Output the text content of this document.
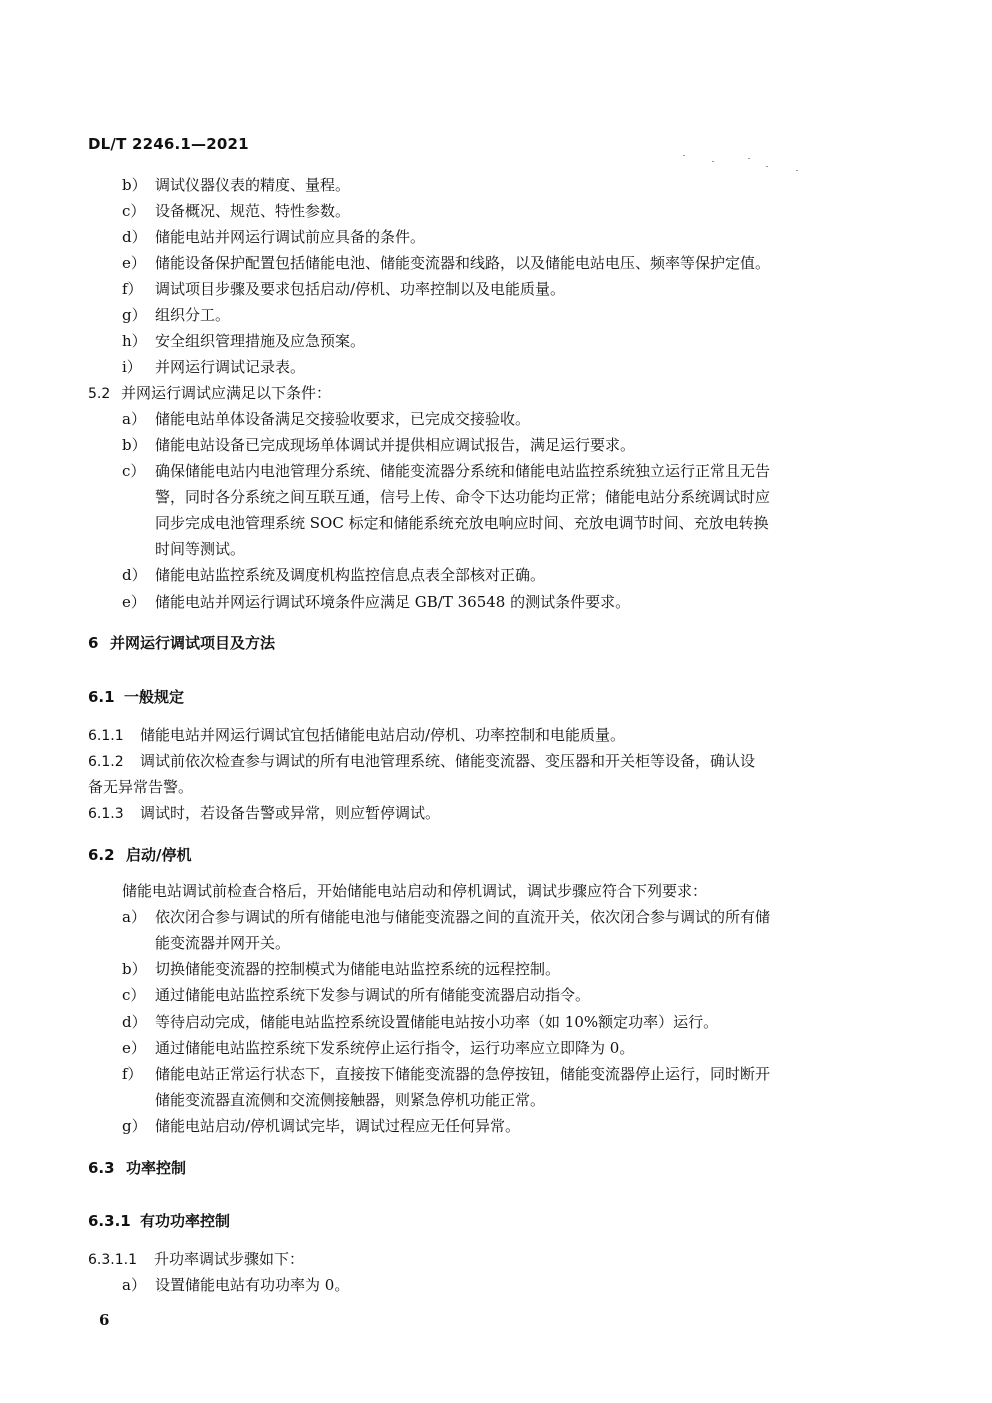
DL/T 2246.1—2021
b） 调试仪器仪表的精度、量程。
c） 设备概况、规范、特性参数。
d） 储能电站并网运行调试前应具备的条件。
e） 储能设备保护配置包括储能电池、储能变流器和线路，以及储能电站电压、频率等保护定值。
f） 调试项目步骤及要求包括启动/停机、功率控制以及电能质量。
g） 组织分工。
h） 安全组织管理措施及应急预案。
i） 并网运行调试记录表。
5.2 并网运行调试应满足以下条件：
a） 储能电站单体设备满足交接验收要求，已完成交接验收。
b） 储能电站设备已完成现场单体调试并提供相应调试报告，满足运行要求。
c） 确保储能电站内电池管理分系统、储能变流器分系统和储能电站监控系统独立运行正常且无告
警，同时各分系统之间互联互通，信号上传、命令下达功能均正常；储能电站分系统调试时应
同步完成电池管理系统 SOC 标定和储能系统充放电响应时间、充放电调节时间、充放电转换
时间等测试。
d） 储能电站监控系统及调度机构监控信息点表全部核对正确。
e） 储能电站并网运行调试环境条件应满足 GB/T 36548 的测试条件要求。
6 并网运行调试项目及方法
6.1 一般规定
6.1.1 储能电站并网运行调试宜包括储能电站启动/停机、功率控制和电能质量。
6.1.2 调试前依次检查参与调试的所有电池管理系统、储能变流器、变压器和开关柜等设备，确认设
备无异常告警。
6.1.3 调试时，若设备告警或异常，则应暂停调试。
6.2 启动/停机
储能电站调试前检查合格后，开始储能电站启动和停机调试，调试步骤应符合下列要求：
a） 依次闭合参与调试的所有储能电池与储能变流器之间的直流开关，依次闭合参与调试的所有储
能变流器并网开关。
b） 切换储能变流器的控制模式为储能电站监控系统的远程控制。
c） 通过储能电站监控系统下发参与调试的所有储能变流器启动指令。
d） 等待启动完成，储能电站监控系统设置储能电站按小功率（如 10%额定功率）运行。
e） 通过储能电站监控系统下发系统停止运行指令，运行功率应立即降为 0。
f） 储能电站正常运行状态下，直接按下储能变流器的急停按钮，储能变流器停止运行，同时断开
储能变流器直流侧和交流侧接触器，则紧急停机功能正常。
g） 储能电站启动/停机调试完毕，调试过程应无任何异常。
6.3 功率控制
6.3.1 有功功率控制
6.3.1.1 升功率调试步骤如下：
a） 设置储能电站有功功率为 0。
6
